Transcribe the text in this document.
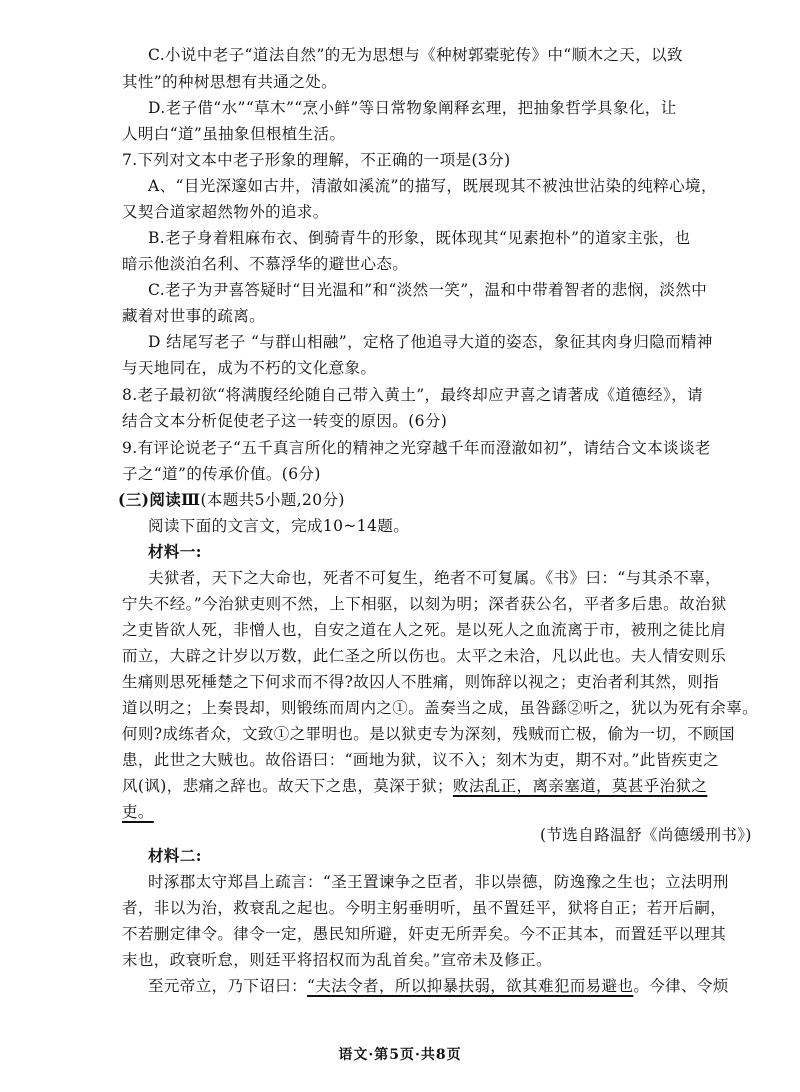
C.小说中老子“道法自然”的无为思想与《种树郭橐驼传》中“顺木之天，以致
其性”的种树思想有共通之处。
D.老子借“水”“草木”“烹小鲜”等日常物象阐释玄理，把抽象哲学具象化，让
人明白“道”虽抽象但根植生活。
7.下列对文本中老子形象的理解，不正确的一项是(3分)
A、“目光深邃如古井，清澈如溪流”的描写，既展现其不被浊世沾染的纯粹心境，
又契合道家超然物外的追求。
B.老子身着粗麻布衣、倒骑青牛的形象，既体现其“见素抱朴”的道家主张，也
暗示他淡泊名利、不慕浮华的避世心态。
C.老子为尹喜答疑时“目光温和”和“淡然一笑”，温和中带着智者的悲悯，淡然中
藏着对世事的疏离。
D 结尾写老子 “与群山相融”，定格了他追寻大道的姿态，象征其肉身归隐而精神
与天地同在，成为不朽的文化意象。
8.老子最初欲“将满腹经纶随自己带入黄土”，最终却应尹喜之请著成《道德经》，请
结合文本分析促使老子这一转变的原因。(6分)
9.有评论说老子“五千真言所化的精神之光穿越千年而澄澈如初”，请结合文本谈谈老
子之“道”的传承价值。(6分)
(三)阅读Ⅲ(本题共5小题,20分)
阅读下面的文言文，完成10~14题。
材料一:
夫狱者，天下之大命也，死者不可复生，绝者不可复属。《书》曰：“与其杀不辜，
宁失不经。”今治狱吏则不然，上下相驱，以刻为明；深者获公名，平者多后患。故治狱
之吏皆欲人死，非憎人也，自安之道在人之死。是以死人之血流离于市，被刑之徒比肩
而立，大辟之计岁以万数，此仁圣之所以伤也。太平之未洽，凡以此也。夫人情安则乐
生痛则思死棰楚之下何求而不得?故囚人不胜痛，则饰辞以视之；吏治者利其然，则指
道以明之；上奏畏却，则锻练而周内之①。盖奏当之成，虽咎繇②听之，犹以为死有余辜。
何则?成练者众，文致①之罪明也。是以狱吏专为深刻，残贼而亡极，偷为一切，不顾国
患，此世之大贼也。故俗语曰：“画地为狱，议不入；刻木为吏，期不对。”此皆疾吏之
风(讽)，悲痛之辞也。故天下之患，莫深于狱；败法乱正，离亲塞道，莫甚乎治狱之
吏。
(节选自路温舒《尚德缓刑书》)
材料二:
时涿郡太守郑昌上疏言：“圣王置谏争之臣者，非以崇德，防逸豫之生也；立法明刑
者，非以为治，救衰乱之起也。今明主躬垂明听，虽不置廷平，狱将自正；若开后嗣，
不若删定律令。律令一定，愚民知所避，奸吏无所弄矣。今不正其本，而置廷平以理其
末也，政衰听怠，则廷平将招权而为乱首矣。”宣帝未及修正。
至元帝立，乃下诏曰：“夫法令者，所以抑暴扶弱，欲其难犯而易避也。今律、令烦
语文·第5页·共8页
